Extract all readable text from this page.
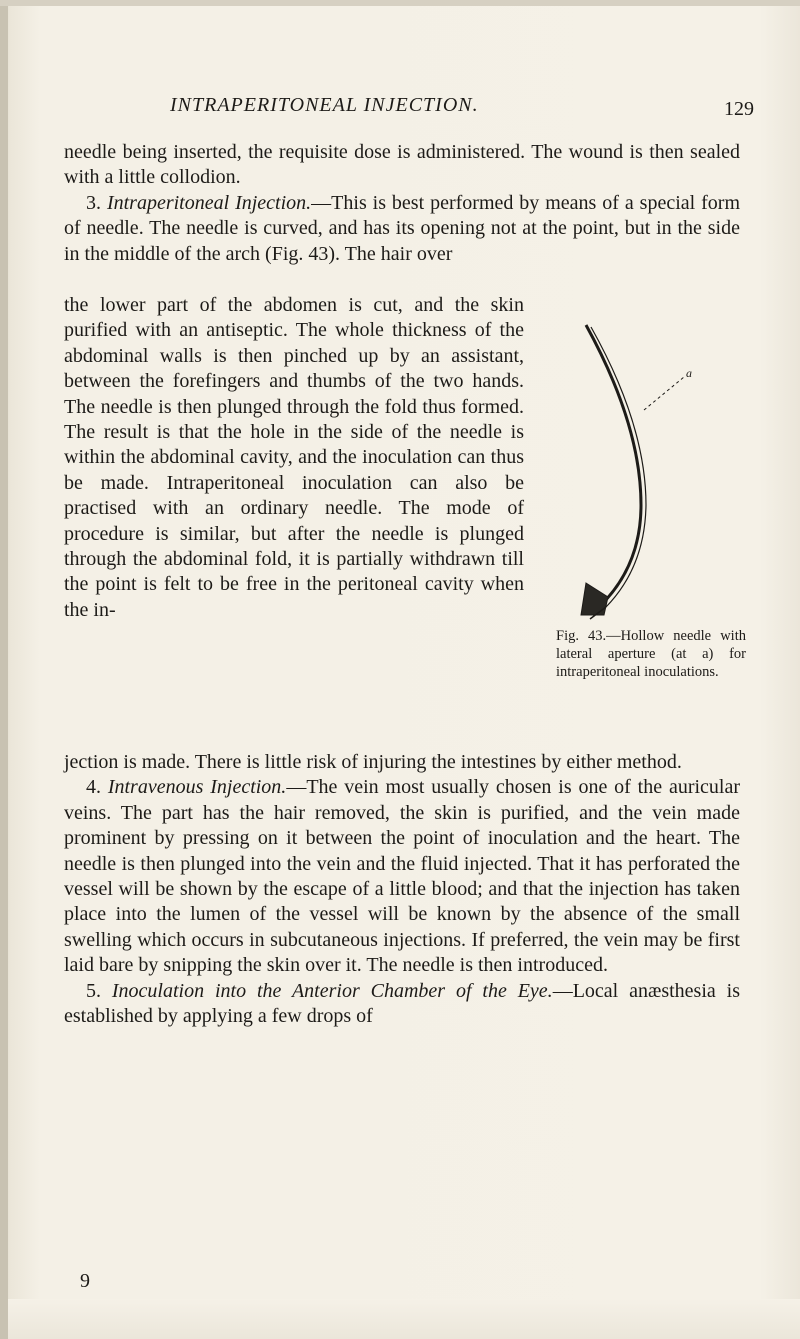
INTRAPERITONEAL INJECTION.	129

needle being inserted, the requisite dose is administered. The wound is then sealed with a little collodion.

3. Intraperitoneal Injection.—This is best performed by means of a special form of needle. The needle is curved, and has its opening not at the point, but in the side in the middle of the arch (Fig. 43). The hair over

the lower part of the abdomen is cut, and the skin purified with an antiseptic. The whole thickness of the abdominal walls is then pinched up by an assistant, between the forefingers and thumbs of the two hands. The needle is then plunged through the fold thus formed. The result is that the hole in the side of the needle is within the abdominal cavity, and the inoculation can thus be made. Intraperitoneal inoculation can also be practised with an ordinary needle. The mode of procedure is similar, but after the needle is plunged through the abdominal fold, it is partially withdrawn till the point is felt to be free in the peritoneal cavity when the in-

jection is made. There is little risk of injuring the intestines by either method.

4. Intravenous Injection.—The vein most usually chosen is one of the auricular veins. The part has the hair removed, the skin is purified, and the vein made prominent by pressing on it between the point of inoculation and the heart. The needle is then plunged into the vein and the fluid injected. That it has perforated the vessel will be shown by the escape of a little blood; and that the injection has taken place into the lumen of the vessel will be known by the absence of the small swelling which occurs in subcutaneous injections. If preferred, the vein may be first laid bare by snipping the skin over it. The needle is then introduced.

5. Inoculation into the Anterior Chamber of the Eye.—Local anæsthesia is established by applying a few drops of

a
Fig. 43.—Hollow needle with lateral aperture (at a) for intraperitoneal inoculations.
9
